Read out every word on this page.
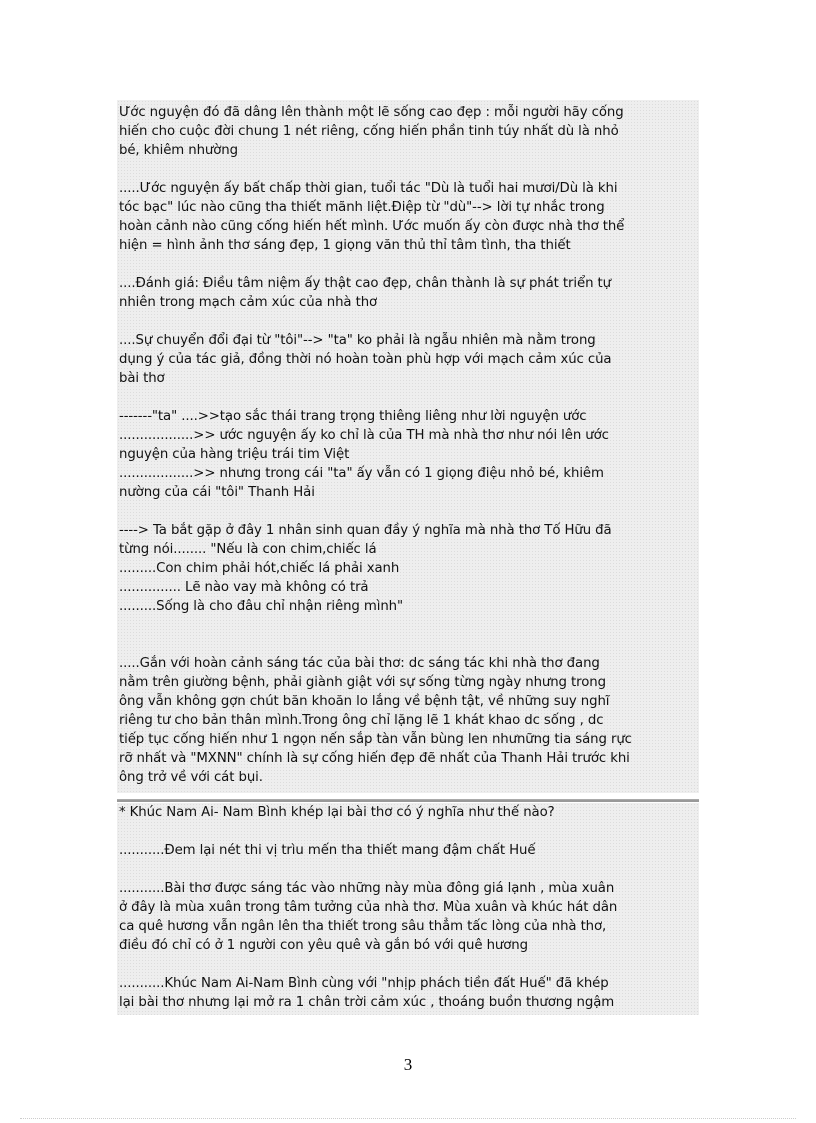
Ước nguyện đó đã dâng lên thành một lẽ sống cao đẹp : mỗi người hãy cống
hiến cho cuộc đời chung 1 nét riêng, cống hiến phần tinh túy nhất dù là nhỏ
bé, khiêm nhường
.....Ước nguyện ấy bất chấp thời gian, tuổi tác "Dù là tuổi hai mươi/Dù là khi
tóc bạc" lúc nào cũng tha thiết mãnh liệt.Điệp từ "dù"--> lời tự nhắc trong
hoàn cảnh nào cũng cống hiến hết mình. Ước muốn ấy còn được nhà thơ thể
hiện = hình ảnh thơ sáng đẹp, 1 giọng văn thủ thỉ tâm tình, tha thiết
....Đánh giá: Điều tâm niệm ấy thật cao đẹp, chân thành là sự phát triển tự
nhiên trong mạch cảm xúc của nhà thơ
....Sự chuyển đổi đại từ "tôi"--> "ta" ko phải là ngẫu nhiên mà nằm trong
dụng ý của tác giả, đồng thời nó hoàn toàn phù hợp với mạch cảm xúc của
bài thơ
-------"ta" ....>>tạo sắc thái trang trọng thiêng liêng như lời nguyện ước
..................>> ước nguyện ấy ko chỉ là của TH mà nhà thơ như nói lên ước
nguyện của hàng triệu trái tim Việt
..................>> nhưng trong cái "ta" ấy vẫn có 1 giọng điệu nhỏ bé, khiêm
nường của cái "tôi" Thanh Hải
----> Ta bắt gặp ở đây 1 nhân sinh quan đầy ý nghĩa mà nhà thơ Tố Hữu đã
từng nói........ "Nếu là con chim,chiếc lá
.........Con chim phải hót,chiếc lá phải xanh
............... Lẽ nào vay mà không có trả
.........Sống là cho đâu chỉ nhận riêng mình"
.....Gắn với hoàn cảnh sáng tác của bài thơ: dc sáng tác khi nhà thơ đang
nằm trên giường bệnh, phải giành giật với sự sống từng ngày nhưng trong
ông vẫn không gợn chút băn khoăn lo lắng về bệnh tật, về những suy nghĩ
riêng tư cho bản thân mình.Trong ông chỉ lặng lẽ 1 khát khao dc sống , dc
tiếp tục cống hiến như 1 ngọn nến sắp tàn vẫn bùng len nhưnững tia sáng rực
rỡ nhất và "MXNN" chính là sự cống hiến đẹp đẽ nhất của Thanh Hải trước khi
ông trở về với cát bụi.
* Khúc Nam Ai- Nam Bình khép lại bài thơ có ý nghĩa như thế nào?
...........Đem lại nét thi vị trìu mến tha thiết mang đậm chất Huế
...........Bài thơ được sáng tác vào những này mùa đông giá lạnh , mùa xuân
ở đây là mùa xuân trong tâm tưởng của nhà thơ. Mùa xuân và khúc hát dân
ca quê hương vẫn ngân lên tha thiết trong sâu thẳm tấc lòng của nhà thơ,
điều đó chỉ có ở 1 người con yêu quê và gắn bó với quê hương
...........Khúc Nam Ai-Nam Bình cùng với "nhịp phách tiền đất Huế" đã khép
lại bài thơ nhưng lại mở ra 1 chân trời cảm xúc , thoáng buồn thương ngậm
3
